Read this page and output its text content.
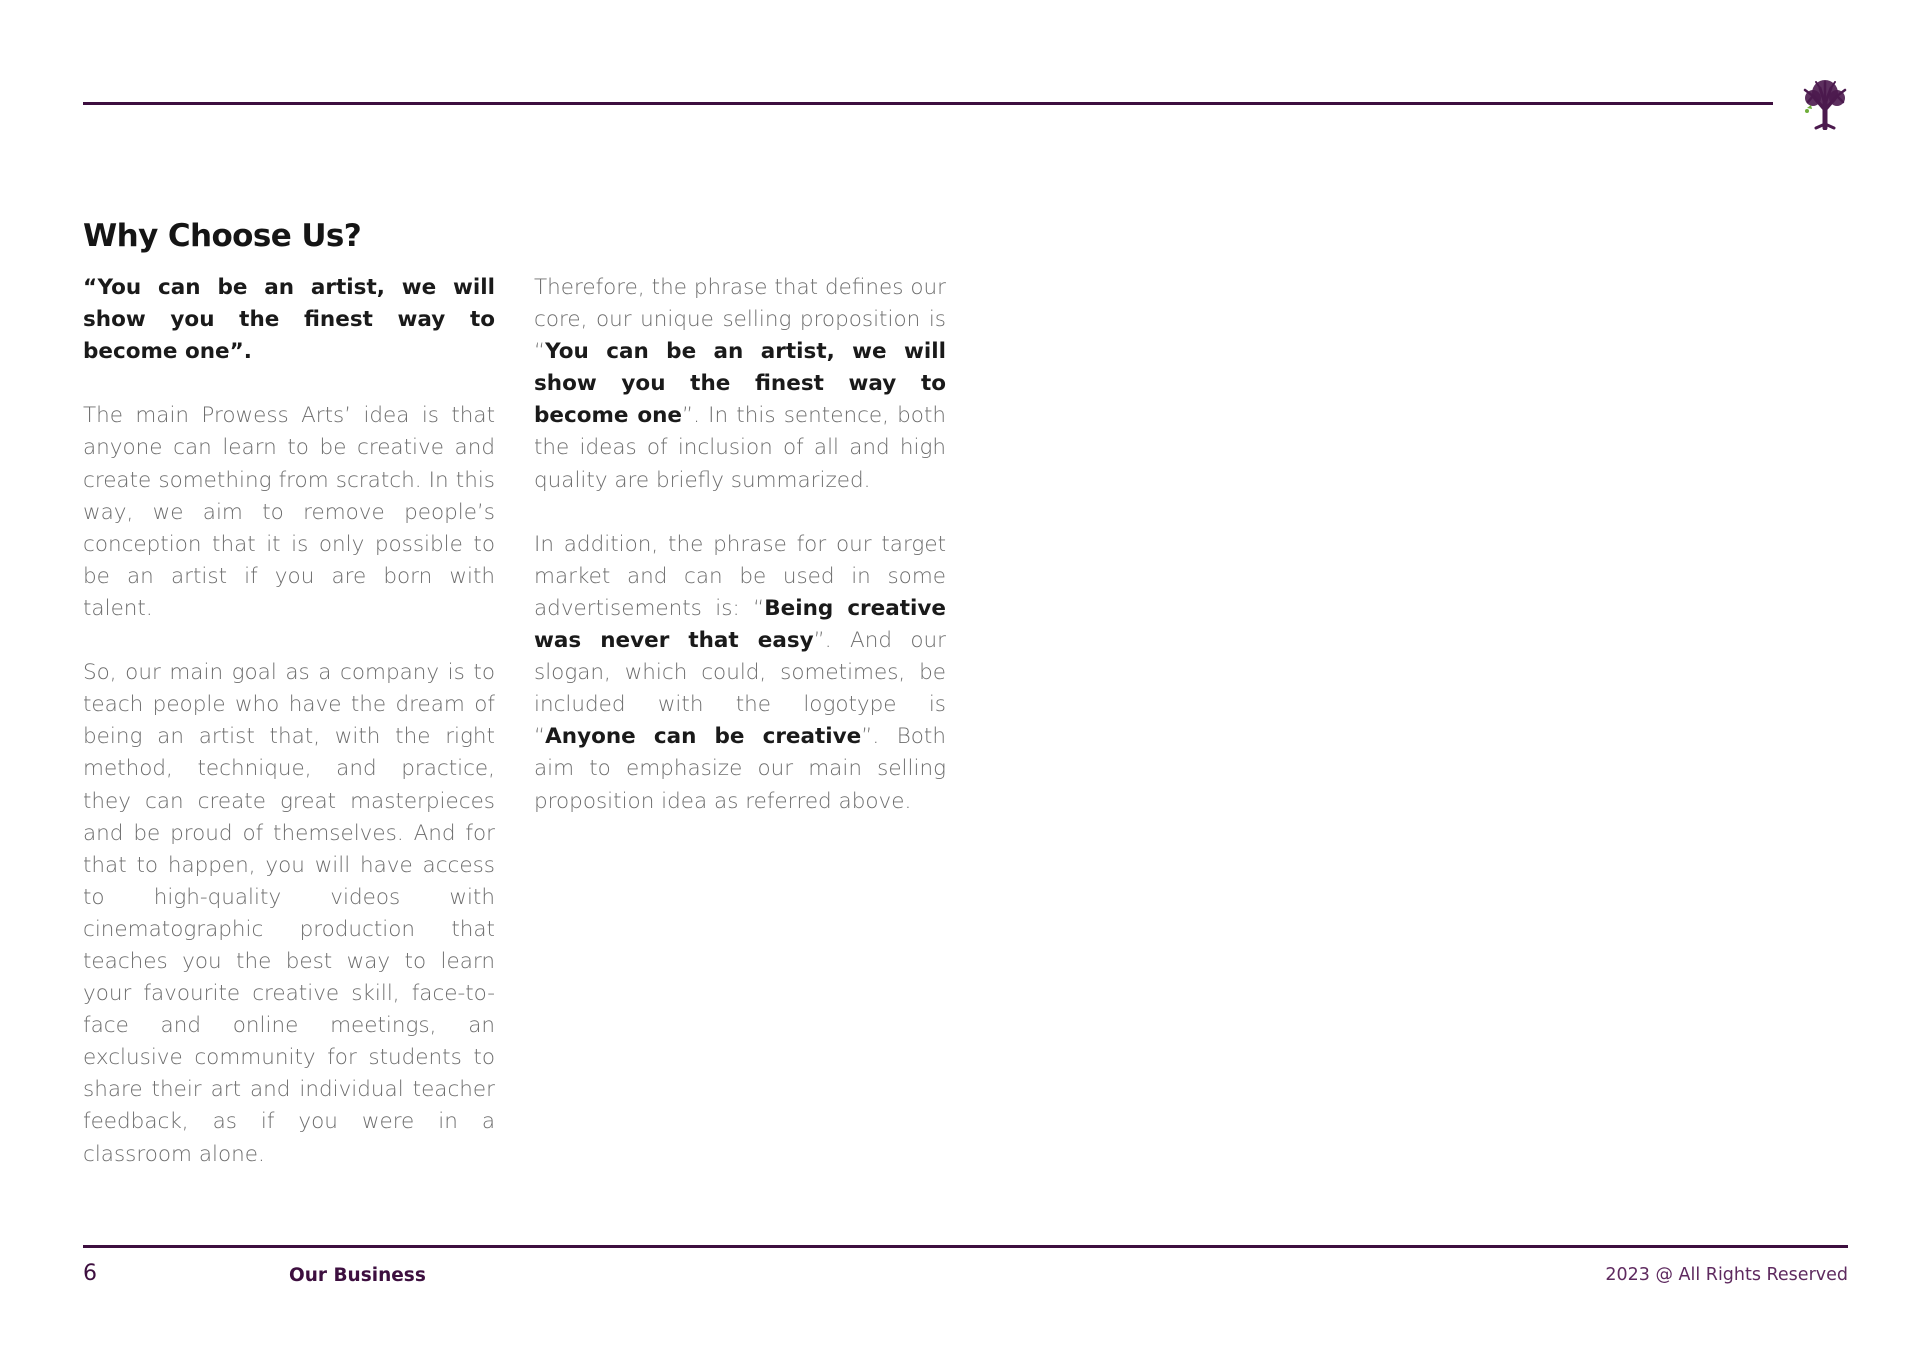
Why Choose Us?

“You can be an artist, we will show you the finest way to become one”.

The main Prowess Arts’ idea is that anyone can learn to be creative and create something from scratch. In this way, we aim to remove people’s conception that it is only possible to be an artist if you are born with talent.

So, our main goal as a company is to teach people who have the dream of being an artist that, with the right method, technique, and practice, they can create great masterpieces and be proud of themselves. And for that to happen, you will have access to high-quality videos with cinematographic production that teaches you the best way to learn your favourite creative skill, face-to-face and online meetings, an exclusive community for students to share their art and individual teacher feedback, as if you were in a classroom alone.

Therefore, the phrase that defines our core, our unique selling proposition is “You can be an artist, we will show you the finest way to become one”. In this sentence, both the ideas of inclusion of all and high quality are briefly summarized.

In addition, the phrase for our target market and can be used in some advertisements is: “Being creative was never that easy”. And our slogan, which could, sometimes, be included with the logotype is “Anyone can be creative”. Both aim to emphasize our main selling proposition idea as referred above.

6	Our Business	2023 @ All Rights Reserved
